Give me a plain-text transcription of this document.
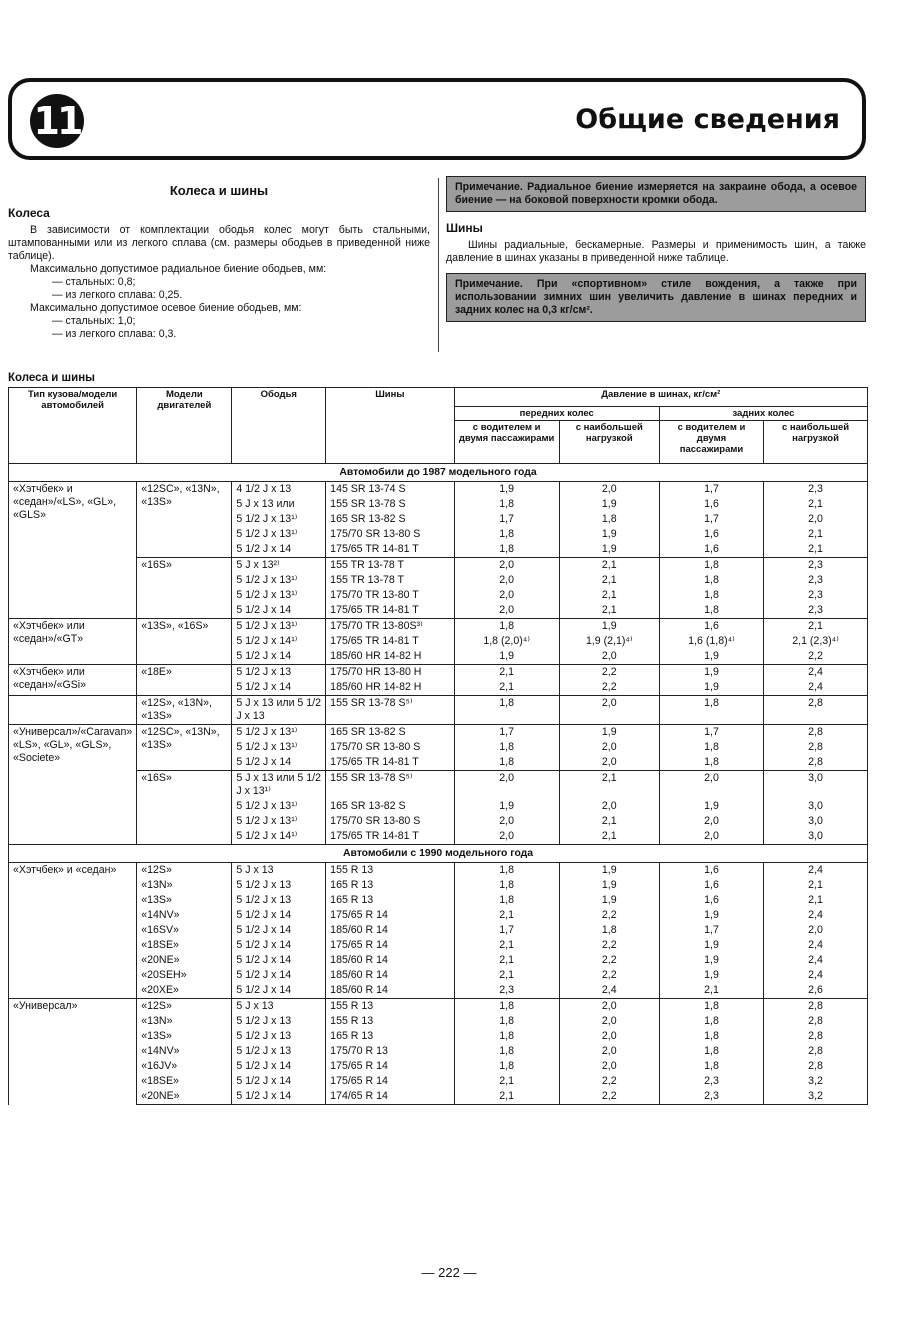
11	Общие сведения
Колеса и шины
Колеса

В зависимости от комплектации ободья колес могут быть стальными, штампованными или из легкого сплава (см. размеры ободьев в приведенной ниже таблице).

Максимально допустимое радиальное биение ободьев, мм:
— стальных: 0,8;
— из легкого сплава: 0,25.
Максимально допустимое осевое биение ободьев, мм:
— стальных: 1,0;
— из легкого сплава: 0,3.
Примечание. Радиальное биение измеряется на закраине обода, а осевое биение — на боковой поверхности кромки обода.
Шины

Шины радиальные, бескамерные. Размеры и применимость шин, а также давление в шинах указаны в приведенной ниже таблице.

Примечание. При «спортивном» стиле вождения, а также при использовании зимних шин увеличить давление в шинах передних и задних колес на 0,3 кг/см².
Колеса и шины
Тип кузова/модели автомобилей	Модели двигателей	Ободья	Шины	Давление в шинах, кг/см²			
				передних колес		задних колес	
				с водителем и двумя пассажирами	с наибольшей нагрузкой	с водителем и двумя пассажирами	с наибольшей нагрузкой
Автомобили до 1987 модельного года							
«Хэтчбек» и «седан»/«LS», «GL», «GLS»	«12SC», «13N», «13S»	4 1/2 J x 13	145 SR 13-74 S	1,9	2,0	1,7	2,3
		5 J x 13 или	155 SR 13-78 S	1,8	1,9	1,6	2,1
		5 1/2 J x 13¹⁾	165 SR 13-82 S	1,7	1,8	1,7	2,0
		5 1/2 J x 13¹⁾	175/70 SR 13-80 S	1,8	1,9	1,6	2,1
		5 1/2 J x 14	175/65 TR 14-81 T	1,8	1,9	1,6	2,1
	«16S»	5 J x 13²⁾	155 TR 13-78 T	2,0	2,1	1,8	2,3
		5 1/2 J x 13¹⁾	155 TR 13-78 T	2,0	2,1	1,8	2,3
		5 1/2 J x 13¹⁾	175/70 TR 13-80 T	2,0	2,1	1,8	2,3
		5 1/2 J x 14	175/65 TR 14-81 T	2,0	2,1	1,8	2,3
«Хэтчбек» или «седан»/«GT»	«13S», «16S»	5 1/2 J x 13¹⁾	175/70 TR 13-80S³⁾	1,8	1,9	1,6	2,1
		5 1/2 J x 14¹⁾	175/65 TR 14-81 T	1,8 (2,0)⁴⁾	1,9 (2,1)⁴⁾	1,6 (1,8)⁴⁾	2,1 (2,3)⁴⁾
		5 1/2 J x 14	185/60 HR 14-82 H	1,9	2,0	1,9	2,2
«Хэтчбек» или «седан»/«GSi»	«18E»	5 1/2 J x 13	175/70 HR 13-80 H	2,1	2,2	1,9	2,4
		5 1/2 J x 14	185/60 HR 14-82 H	2,1	2,2	1,9	2,4
	«12S», «13N», «13S»	5 J x 13 или 5 1/2 J x 13	155 SR 13-78 S⁵⁾	1,8	2,0	1,8	2,8
«Универсал»/«Caravan» «LS», «GL», «GLS», «Societe»	«12SC», «13N», «13S»	5 1/2 J x 13¹⁾	165 SR 13-82 S	1,7	1,9	1,7	2,8
		5 1/2 J x 13¹⁾	175/70 SR 13-80 S	1,8	2,0	1,8	2,8
		5 1/2 J x 14	175/65 TR 14-81 T	1,8	2,0	1,8	2,8
	«16S»	5 J x 13 или 5 1/2 J x 13¹⁾	155 SR 13-78 S⁵⁾	2,0	2,1	2,0	3,0
		5 1/2 J x 13¹⁾	165 SR 13-82 S	1,9	2,0	1,9	3,0
		5 1/2 J x 13¹⁾	175/70 SR 13-80 S	2,0	2,1	2,0	3,0
		5 1/2 J x 14¹⁾	175/65 TR 14-81 T	2,0	2,1	2,0	3,0
Автомобили с 1990 модельного года							
«Хэтчбек» и «седан»	«12S»	5 J x 13	155 R 13	1,8	1,9	1,6	2,4
	«13N»	5 1/2 J x 13	165 R 13	1,8	1,9	1,6	2,1
	«13S»	5 1/2 J x 13	165 R 13	1,8	1,9	1,6	2,1
	«14NV»	5 1/2 J x 14	175/65 R 14	2,1	2,2	1,9	2,4
	«16SV»	5 1/2 J x 14	185/60 R 14	1,7	1,8	1,7	2,0
	«18SE»	5 1/2 J x 14	175/65 R 14	2,1	2,2	1,9	2,4
	«20NE»	5 1/2 J x 14	185/60 R 14	2,1	2,2	1,9	2,4
	«20SEH»	5 1/2 J x 14	185/60 R 14	2,1	2,2	1,9	2,4
	«20XE»	5 1/2 J x 14	185/60 R 14	2,3	2,4	2,1	2,6
«Универсал»	«12S»	5 J x 13	155 R 13	1,8	2,0	1,8	2,8
	«13N»	5 1/2 J x 13	155 R 13	1,8	2,0	1,8	2,8
	«13S»	5 1/2 J x 13	165 R 13	1,8	2,0	1,8	2,8
	«14NV»	5 1/2 J x 13	175/70 R 13	1,8	2,0	1,8	2,8
	«16JV»	5 1/2 J x 14	175/65 R 14	1,8	2,0	1,8	2,8
	«18SE»	5 1/2 J x 14	175/65 R 14	2,1	2,2	2,3	3,2
	«20NE»	5 1/2 J x 14	174/65 R 14	2,1	2,2	2,3	3,2
— 222 —
